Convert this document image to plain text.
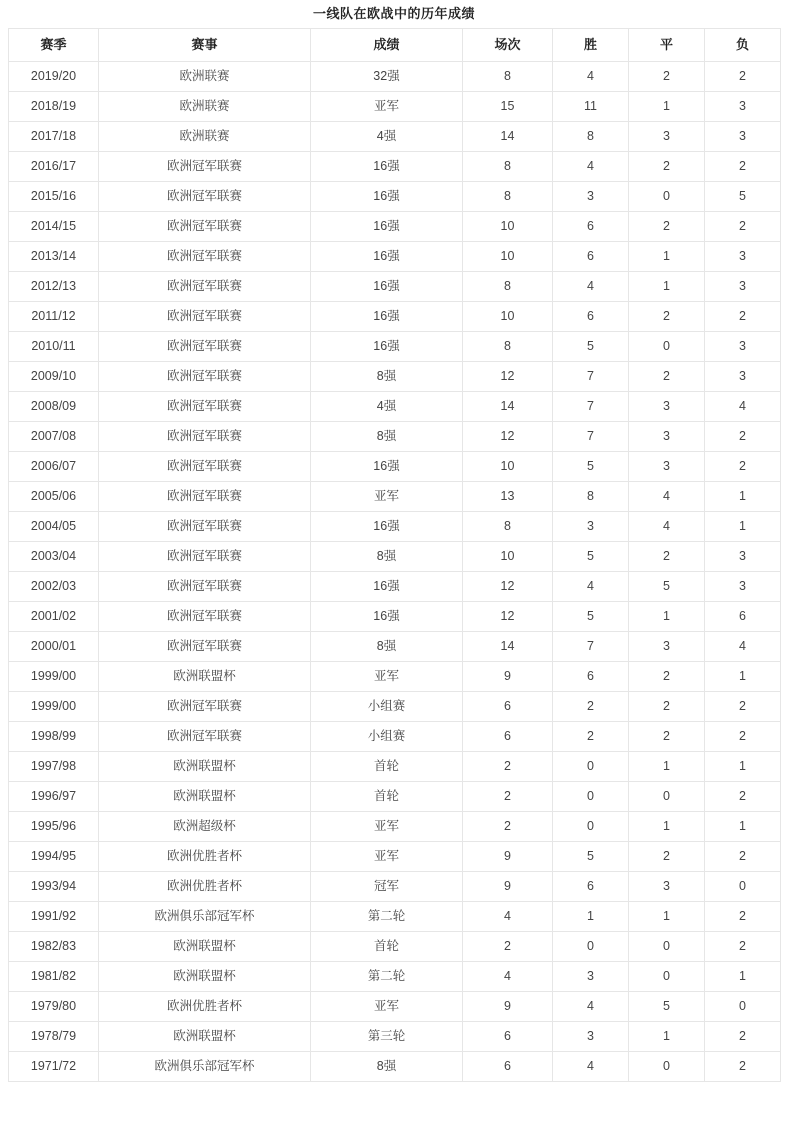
一线队在欧战中的历年成绩
赛季	赛事	成绩	场次	胜	平	负
2019/20	欧洲联赛	32强	8	4	2	2
2018/19	欧洲联赛	亚军	15	11	1	3
2017/18	欧洲联赛	4强	14	8	3	3
2016/17	欧洲冠军联赛	16强	8	4	2	2
2015/16	欧洲冠军联赛	16强	8	3	0	5
2014/15	欧洲冠军联赛	16强	10	6	2	2
2013/14	欧洲冠军联赛	16强	10	6	1	3
2012/13	欧洲冠军联赛	16强	8	4	1	3
2011/12	欧洲冠军联赛	16强	10	6	2	2
2010/11	欧洲冠军联赛	16强	8	5	0	3
2009/10	欧洲冠军联赛	8强	12	7	2	3
2008/09	欧洲冠军联赛	4强	14	7	3	4
2007/08	欧洲冠军联赛	8强	12	7	3	2
2006/07	欧洲冠军联赛	16强	10	5	3	2
2005/06	欧洲冠军联赛	亚军	13	8	4	1
2004/05	欧洲冠军联赛	16强	8	3	4	1
2003/04	欧洲冠军联赛	8强	10	5	2	3
2002/03	欧洲冠军联赛	16强	12	4	5	3
2001/02	欧洲冠军联赛	16强	12	5	1	6
2000/01	欧洲冠军联赛	8强	14	7	3	4
1999/00	欧洲联盟杯	亚军	9	6	2	1
1999/00	欧洲冠军联赛	小组赛	6	2	2	2
1998/99	欧洲冠军联赛	小组赛	6	2	2	2
1997/98	欧洲联盟杯	首轮	2	0	1	1
1996/97	欧洲联盟杯	首轮	2	0	0	2
1995/96	欧洲超级杯	亚军	2	0	1	1
1994/95	欧洲优胜者杯	亚军	9	5	2	2
1993/94	欧洲优胜者杯	冠军	9	6	3	0
1991/92	欧洲俱乐部冠军杯	第二轮	4	1	1	2
1982/83	欧洲联盟杯	首轮	2	0	0	2
1981/82	欧洲联盟杯	第二轮	4	3	0	1
1979/80	欧洲优胜者杯	亚军	9	4	5	0
1978/79	欧洲联盟杯	第三轮	6	3	1	2
1971/72	欧洲俱乐部冠军杯	8强	6	4	0	2
